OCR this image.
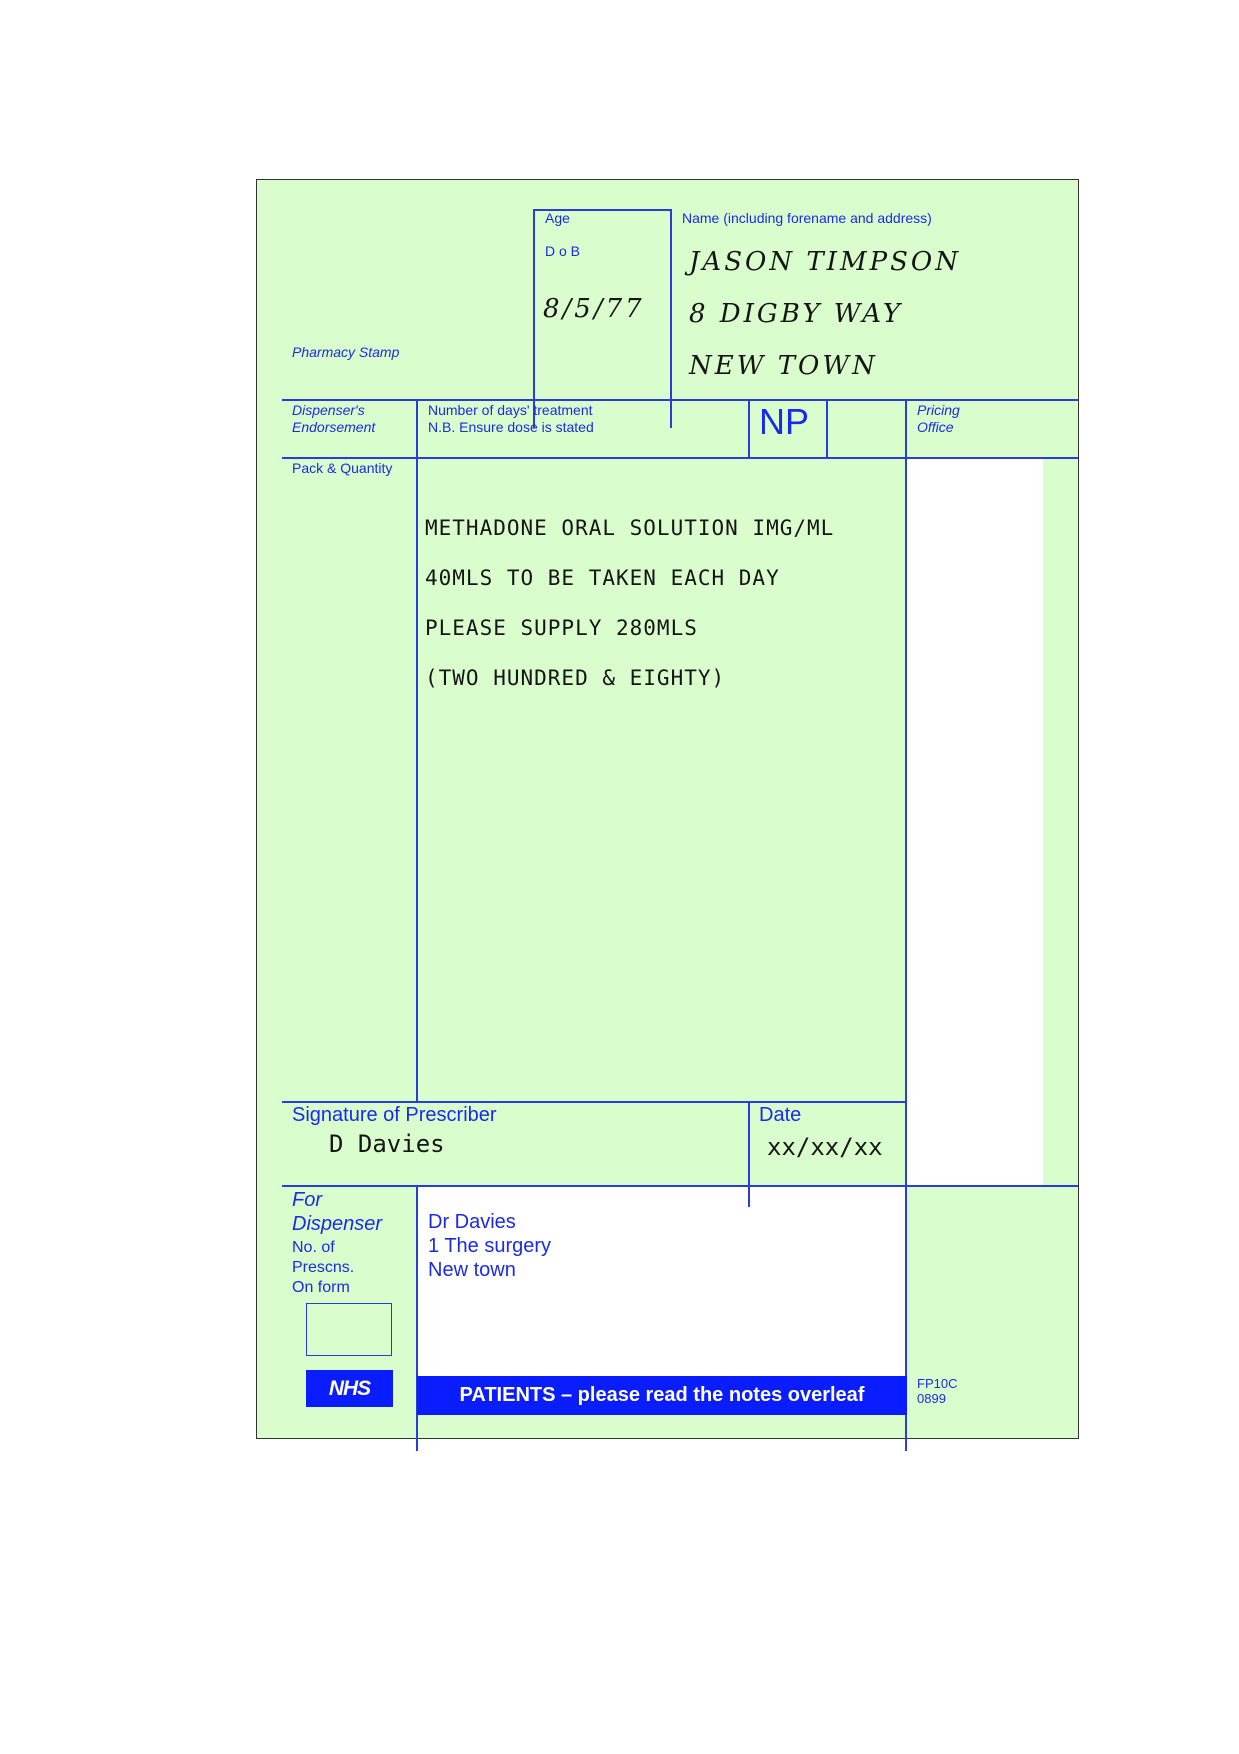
Pharmacy Stamp
Age
D o B
8/5/77
Name (including forename and address)
JASON TIMPSON
8 DIGBY WAY
NEW TOWN
Dispenser's
Endorsement
Number of days' treatment
N.B. Ensure dose is stated	NP	Pricing
Office
Pack & Quantity
METHADONE ORAL SOLUTION IMG/ML
40MLS TO BE TAKEN EACH DAY
PLEASE SUPPLY 280MLS
(TWO HUNDRED & EIGHTY)
Signature of Prescriber	Date
D Davies	xx/xx/xx
For
Dispenser
No. of
Prescns.
On form
NHS
Dr Davies
1 The surgery
New town
PATIENTS – please read the notes overleaf
FP10C
0899
